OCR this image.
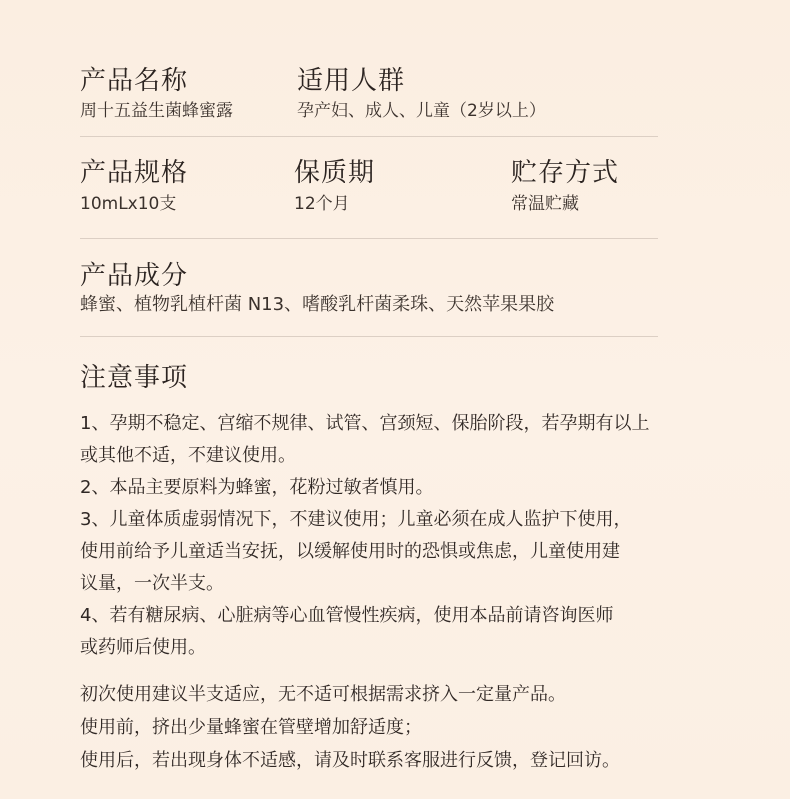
产品名称
周十五益生菌蜂蜜露
适用人群
孕产妇、成人、儿童（2岁以上）
产品规格
10mLx10支
保质期
12个月
贮存方式
常温贮藏
产品成分
蜂蜜、植物乳植杆菌 N13、嗜酸乳杆菌柔珠、天然苹果果胶
注意事项
1、孕期不稳定、宫缩不规律、试管、宫颈短、保胎阶段，若孕期有以上
或其他不适，不建议使用。
2、本品主要原料为蜂蜜，花粉过敏者慎用。
3、儿童体质虚弱情况下，不建议使用；儿童必须在成人监护下使用，
使用前给予儿童适当安抚，以缓解使用时的恐惧或焦虑，儿童使用建
议量，一次半支。
4、若有糖尿病、心脏病等心血管慢性疾病，使用本品前请咨询医师
或药师后使用。
初次使用建议半支适应，无不适可根据需求挤入一定量产品。
使用前，挤出少量蜂蜜在管壁增加舒适度；
使用后，若出现身体不适感，请及时联系客服进行反馈，登记回访。
